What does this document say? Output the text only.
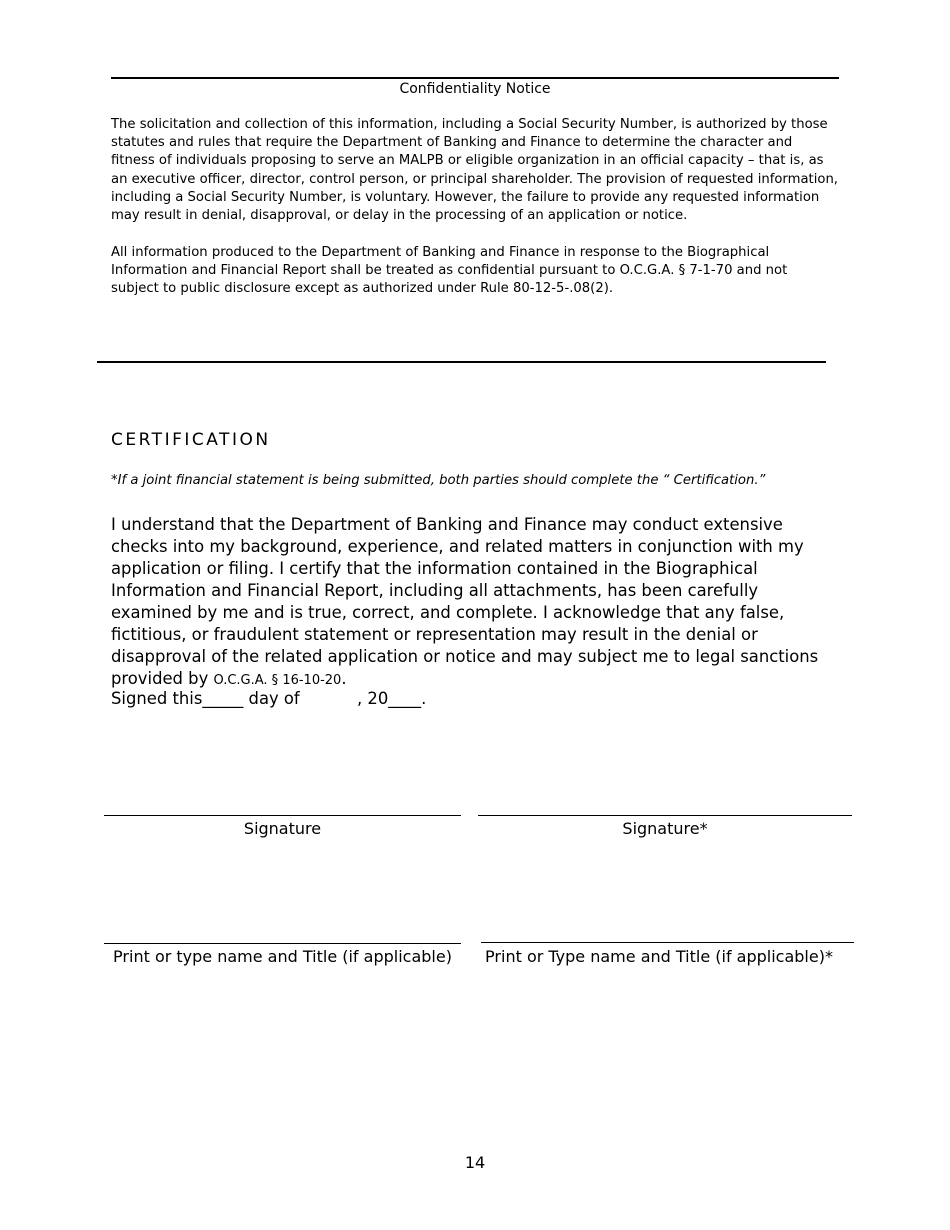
Confidentiality Notice
The solicitation and collection of this information, including a Social Security Number, is authorized by those statutes and rules that require the Department of Banking and Finance to determine the character and fitness of individuals proposing to serve an MALPB or eligible organization in an official capacity – that is, as an executive officer, director, control person, or principal shareholder. The provision of requested information, including a Social Security Number, is voluntary. However, the failure to provide any requested information may result in denial, disapproval, or delay in the processing of an application or notice.
All information produced to the Department of Banking and Finance in response to the Biographical Information and Financial Report shall be treated as confidential pursuant to O.C.G.A. § 7-1-70 and not subject to public disclosure except as authorized under Rule 80-12-5-.08(2).
CERTIFICATION
*If a joint financial statement is being submitted, both parties should complete the “ Certification.”
I understand that the Department of Banking and Finance may conduct extensive checks into my background, experience, and related matters in conjunction with my application or filing. I certify that the information contained in the Biographical Information and Financial Report, including all attachments, has been carefully examined by me and is true, correct, and complete. I acknowledge that any false, fictitious, or fraudulent statement or representation may result in the denial or disapproval of the related application or notice and may subject me to legal sanctions provided by O.C.G.A. § 16-10-20.
Signed this_____ day of           , 20____.
Signature	Signature*
Print or type name and Title (if applicable)	Print or Type name and Title (if applicable)*
14
